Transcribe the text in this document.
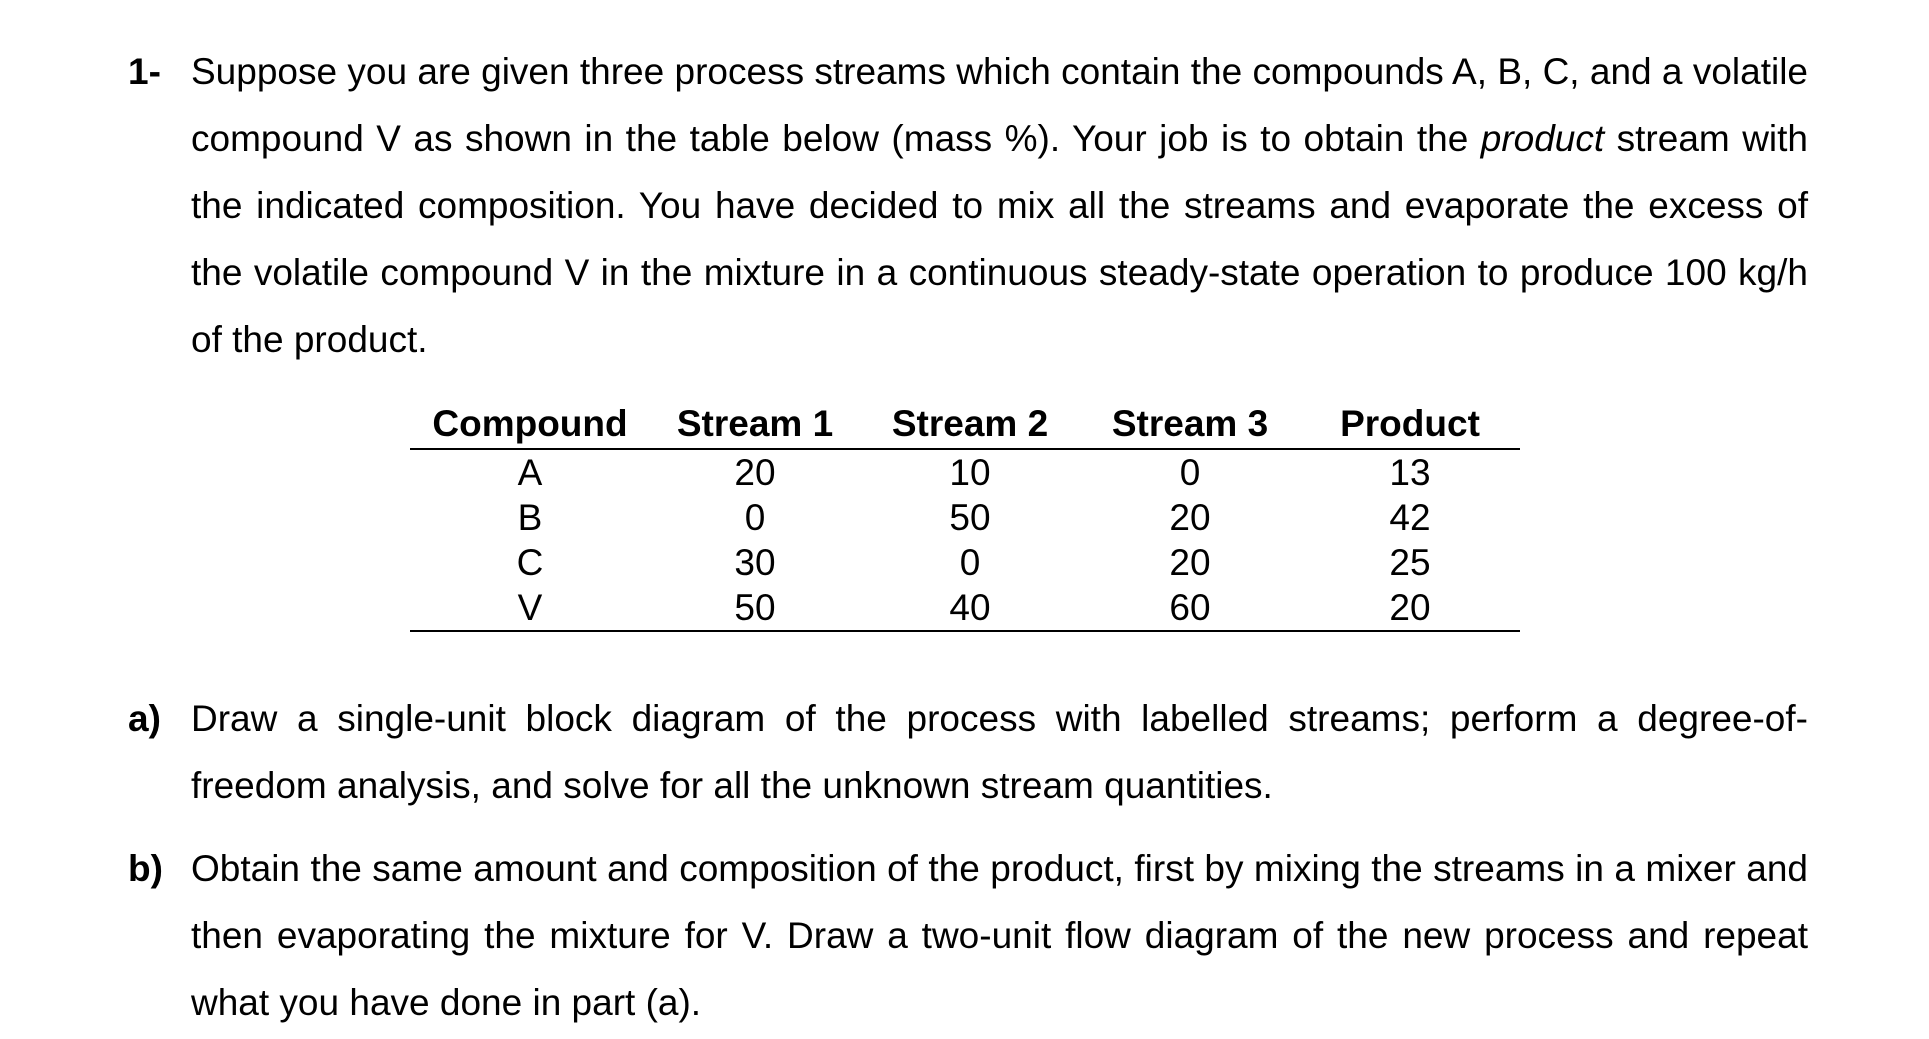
1- Suppose you are given three process streams which contain the compounds A, B, C, and a volatile compound V as shown in the table below (mass %). Your job is to obtain the product stream with the indicated composition. You have decided to mix all the streams and evaporate the excess of the volatile compound V in the mixture in a continuous steady-state operation to produce 100 kg/h of the product.
Compound	Stream 1	Stream 2	Stream 3	Product
A	20	10	0	13
B	0	50	20	42
C	30	0	20	25
V	50	40	60	20
a) Draw a single-unit block diagram of the process with labelled streams; perform a degree-of-freedom analysis, and solve for all the unknown stream quantities.
b) Obtain the same amount and composition of the product, first by mixing the streams in a mixer and then evaporating the mixture for V. Draw a two-unit flow diagram of the new process and repeat what you have done in part (a).
